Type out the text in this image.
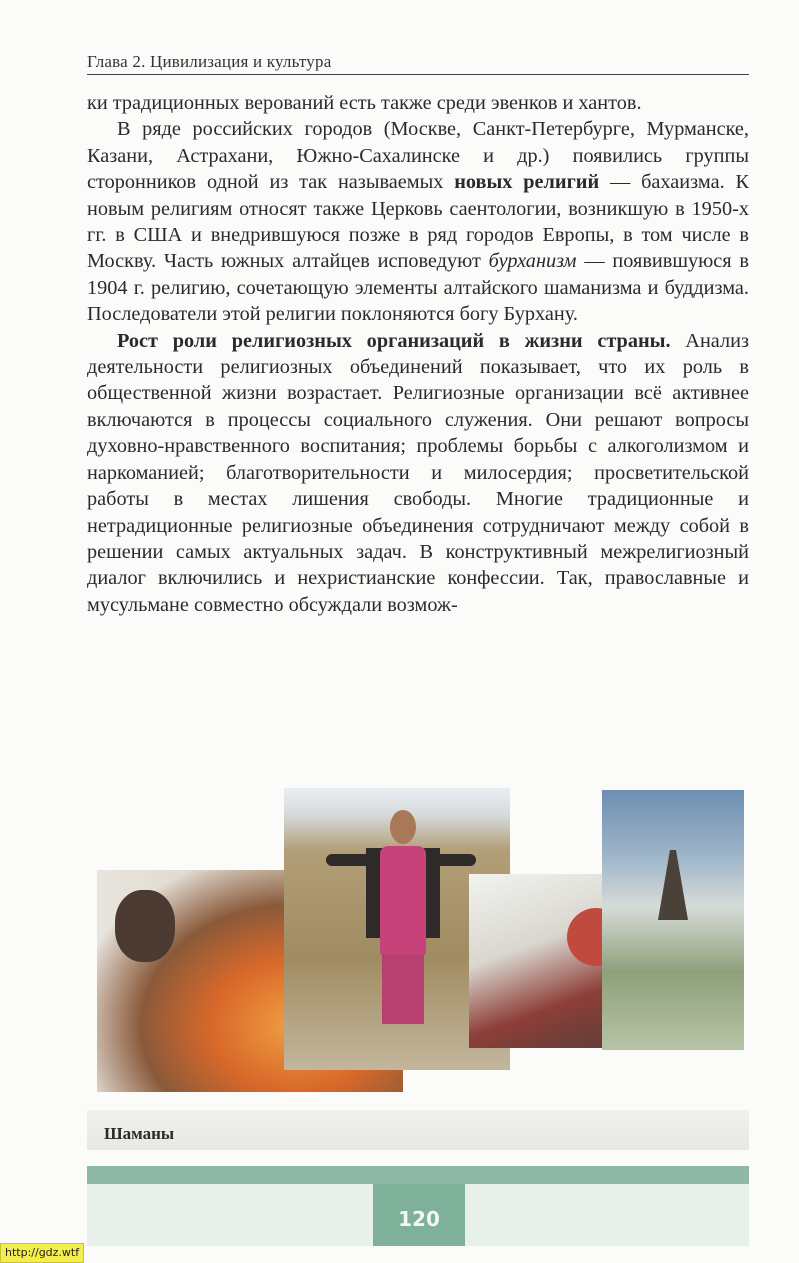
Глава 2. Цивилизация и культура

ки традиционных верований есть также среди эвенков и хантов.

В ряде российских городов (Москве, Санкт-Петербурге, Мурманске, Казани, Астрахани, Южно-Сахалинске и др.) появились группы сторонников одной из так называемых новых религий — бахаизма. К новым религиям относят также Церковь саентологии, возникшую в 1950-х гг. в США и внедрившуюся позже в ряд городов Европы, в том числе в Москву. Часть южных алтайцев исповедуют бурханизм — появившуюся в 1904 г. религию, сочетающую элементы алтайского шаманизма и буддизма. Последователи этой религии поклоняются богу Бурхану.

Рост роли религиозных организаций в жизни страны. Анализ деятельности религиозных объединений показывает, что их роль в общественной жизни возрастает. Религиозные организации всё активнее включаются в процессы социального служения. Они решают вопросы духовно-нравственного воспитания; проблемы борьбы с алкоголизмом и наркоманией; благотворительности и милосердия; просветительской работы в местах лишения свободы. Многие традиционные и нетрадиционные религиозные объединения сотрудничают между собой в решении самых актуальных задач. В конструктивный межрелигиозный диалог включились и нехристианские конфессии. Так, православные и мусульмане совместно обсуждали возмож-

Шаманы
120
http://gdz.wtf
